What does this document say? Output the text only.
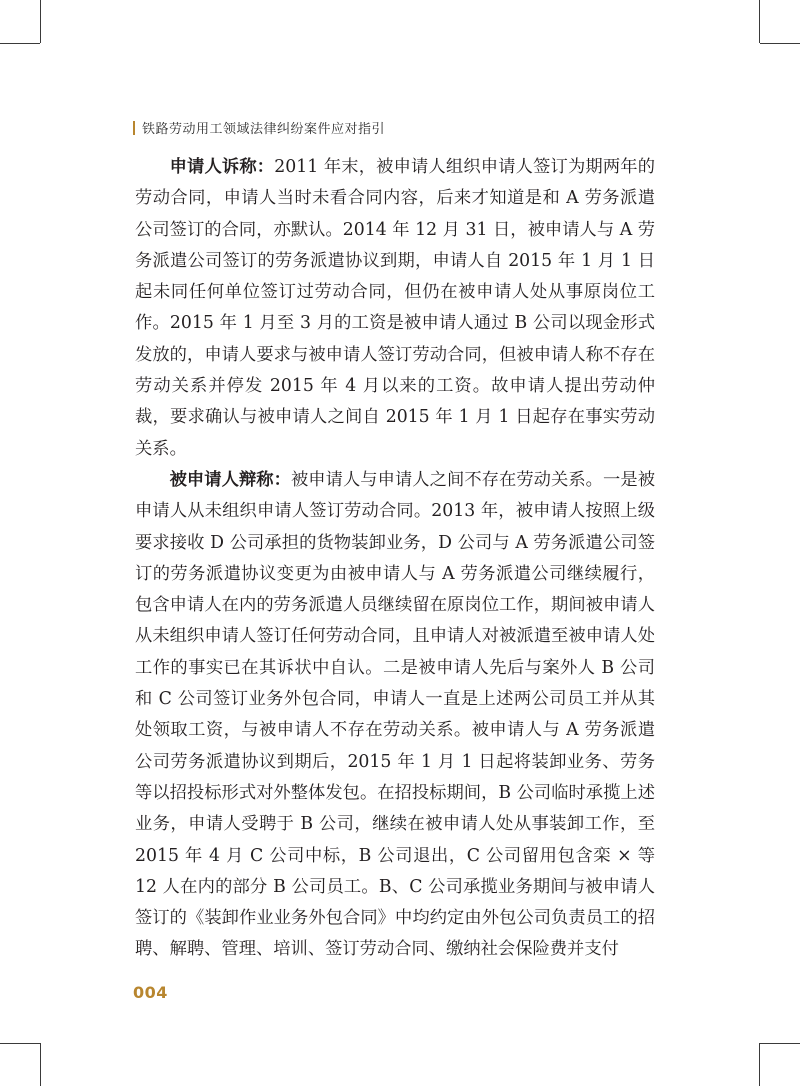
铁路劳动用工领域法律纠纷案件应对指引

申请人诉称：2011 年末，被申请人组织申请人签订为期两年的劳动合同，申请人当时未看合同内容，后来才知道是和 A 劳务派遣公司签订的合同，亦默认。2014 年 12 月 31 日，被申请人与 A 劳务派遣公司签订的劳务派遣协议到期，申请人自 2015 年 1 月 1 日起未同任何单位签订过劳动合同，但仍在被申请人处从事原岗位工作。2015 年 1 月至 3 月的工资是被申请人通过 B 公司以现金形式发放的，申请人要求与被申请人签订劳动合同，但被申请人称不存在劳动关系并停发 2015 年 4 月以来的工资。故申请人提出劳动仲裁，要求确认与被申请人之间自 2015 年 1 月 1 日起存在事实劳动关系。

被申请人辩称：被申请人与申请人之间不存在劳动关系。一是被申请人从未组织申请人签订劳动合同。2013 年，被申请人按照上级要求接收 D 公司承担的货物装卸业务，D 公司与 A 劳务派遣公司签订的劳务派遣协议变更为由被申请人与 A 劳务派遣公司继续履行，包含申请人在内的劳务派遣人员继续留在原岗位工作，期间被申请人从未组织申请人签订任何劳动合同，且申请人对被派遣至被申请人处工作的事实已在其诉状中自认。二是被申请人先后与案外人 B 公司和 C 公司签订业务外包合同，申请人一直是上述两公司员工并从其处领取工资，与被申请人不存在劳动关系。被申请人与 A 劳务派遣公司劳务派遣协议到期后，2015 年 1 月 1 日起将装卸业务、劳务等以招投标形式对外整体发包。在招投标期间，B 公司临时承揽上述业务，申请人受聘于 B 公司，继续在被申请人处从事装卸工作，至 2015 年 4 月 C 公司中标，B 公司退出，C 公司留用包含栾 × 等 12 人在内的部分 B 公司员工。B、C 公司承揽业务期间与被申请人签订的《装卸作业业务外包合同》中均约定由外包公司负责员工的招聘、解聘、管理、培训、签订劳动合同、缴纳社会保险费并支付

004
